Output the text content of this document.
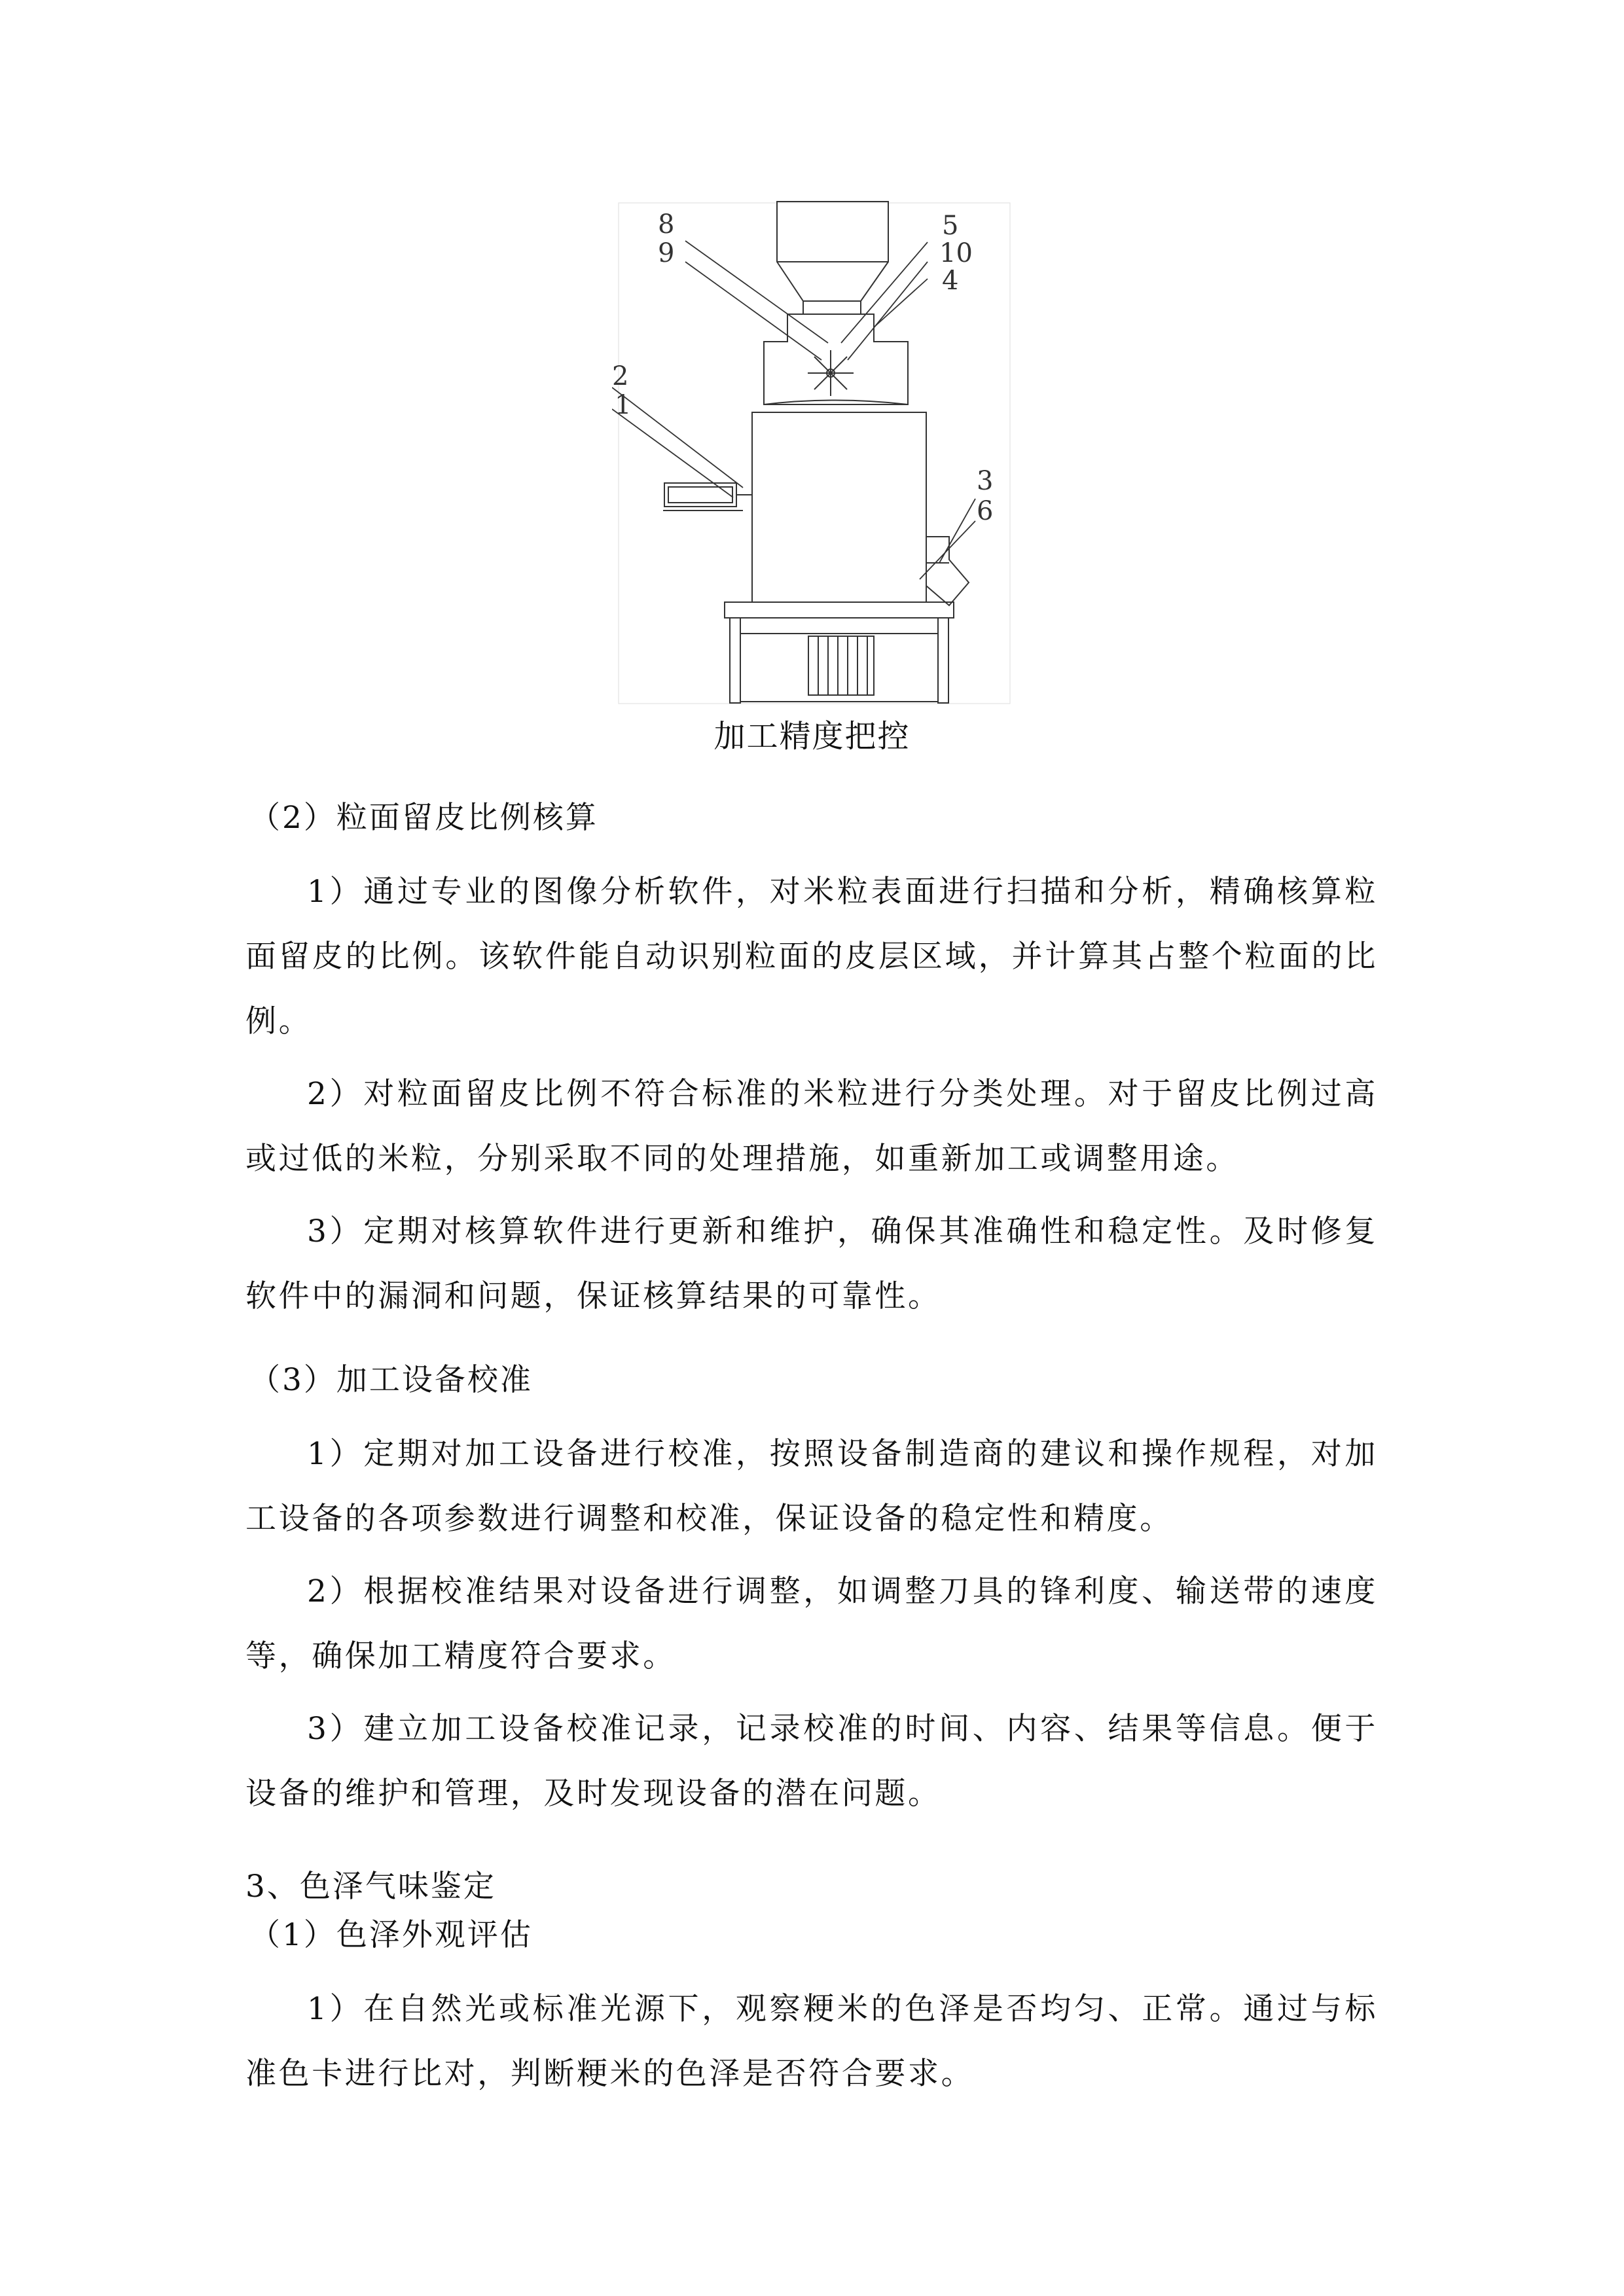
8
9
5
10
4
2
1
3
6
加工精度把控
（2）粒面留皮比例核算

1）通过专业的图像分析软件，对米粒表面进行扫描和分析，精确核算粒面留皮的比例。该软件能自动识别粒面的皮层区域，并计算其占整个粒面的比例。

2）对粒面留皮比例不符合标准的米粒进行分类处理。对于留皮比例过高或过低的米粒，分别采取不同的处理措施，如重新加工或调整用途。

3）定期对核算软件进行更新和维护，确保其准确性和稳定性。及时修复软件中的漏洞和问题，保证核算结果的可靠性。

（3）加工设备校准

1）定期对加工设备进行校准，按照设备制造商的建议和操作规程，对加工设备的各项参数进行调整和校准，保证设备的稳定性和精度。

2）根据校准结果对设备进行调整，如调整刀具的锋利度、输送带的速度等，确保加工精度符合要求。

3）建立加工设备校准记录，记录校准的时间、内容、结果等信息。便于设备的维护和管理，及时发现设备的潜在问题。

3、色泽气味鉴定
（1）色泽外观评估

1）在自然光或标准光源下，观察粳米的色泽是否均匀、正常。通过与标准色卡进行比对，判断粳米的色泽是否符合要求。
